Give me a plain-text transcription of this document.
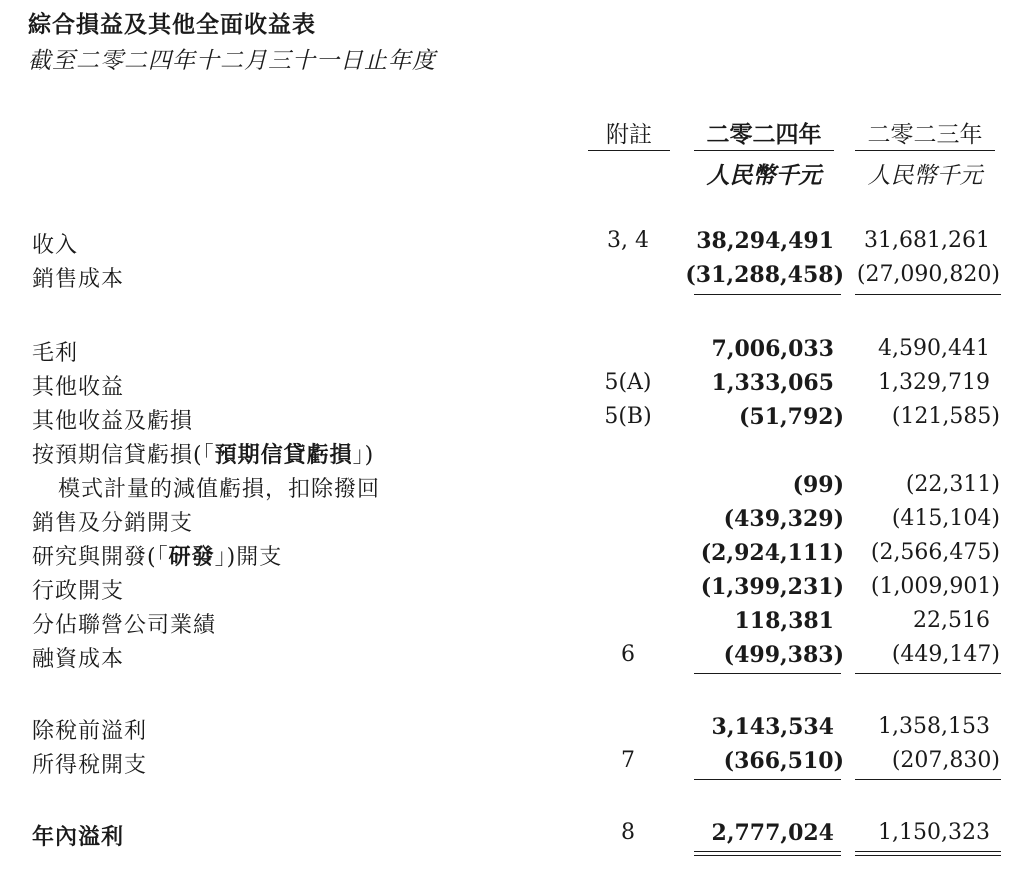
綜合損益及其他全面收益表
截至二零二四年十二月三十一日止年度
附註	二零二四年	二零二三年
人民幣千元	人民幣千元
收入	3, 4	38,294,491	31,681,261
銷售成本	(31,288,458) (27,090,820)
毛利	7,006,033	4,590,441
其他收益	5(A)	1,333,065	1,329,719
其他收益及虧損	5(B)	(51,792) (121,585)
按預期信貸虧損(「預期信貸虧損」)
模式計量的減值虧損，扣除撥回	(99)	(22,311)
銷售及分銷開支	(439,329) (415,104)
研究與開發(「研發」)開支	(2,924,111) (2,566,475)
行政開支	(1,399,231) (1,009,901)
分佔聯營公司業績	118,381	22,516
融資成本	6	(499,383) (449,147)
除稅前溢利	3,143,534	1,358,153
所得稅開支	7	(366,510) (207,830)
年內溢利	8	2,777,024	1,150,323
